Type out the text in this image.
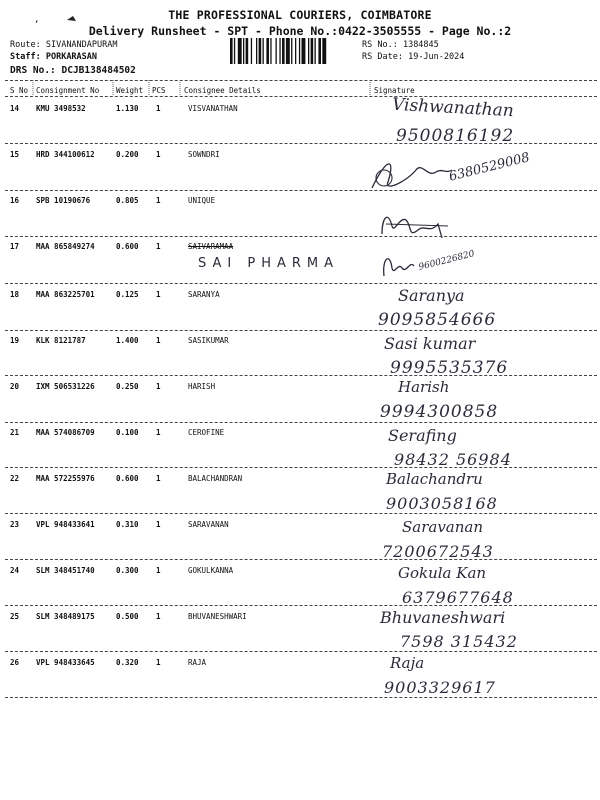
,	THE PROFESSIONAL COURIERS, COIMBATORE
Delivery Runsheet - SPT - Phone No.:0422-3505555 - Page No.:2
Route: SIVANANDAPURAM
Staff: PORKARASAN
DRS No.: DCJB138484502
RS No.: 1384845
RS Date: 19-Jun-2024
S No Consignment No Weight PCS Consignee Details	Signature
14 KMU 3498532	1.130 1	VISVANATHAN	Vishwanathan
9500816192
15 HRD 344100612	0.200 1	SOWNDRI	6380529008
16 SPB 10190676	0.805 1	UNIQUE
17 MAA 865849274	0.600 1	SAIVARAMAA
SAI PHARMA	9600226820
18 MAA 863225701	0.125 1	SARANYA	Saranya
9095854666
19 KLK 8121787	1.400 1	SASIKUMAR	Sasi kumar
9995535376
20 IXM 506531226	0.250 1	HARISH	Harish
9994300858
21 MAA 574086709	0.100 1	CEROFINE	Serafing
98432 56984
22 MAA 572255976	0.600 1	BALACHANDRAN	Balachandru
9003058168
23 VPL 948433641	0.310 1	SARAVANAN	Saravanan
7200672543
24 SLM 348451740	0.300 1	GOKULKANNA	Gokula Kan
6379677648
25 SLM 348489175	0.500 1	BHUVANESHWARI	Bhuvaneshwari
7598 315432
26 VPL 948433645	0.320 1	RAJA	Raja
9003329617
